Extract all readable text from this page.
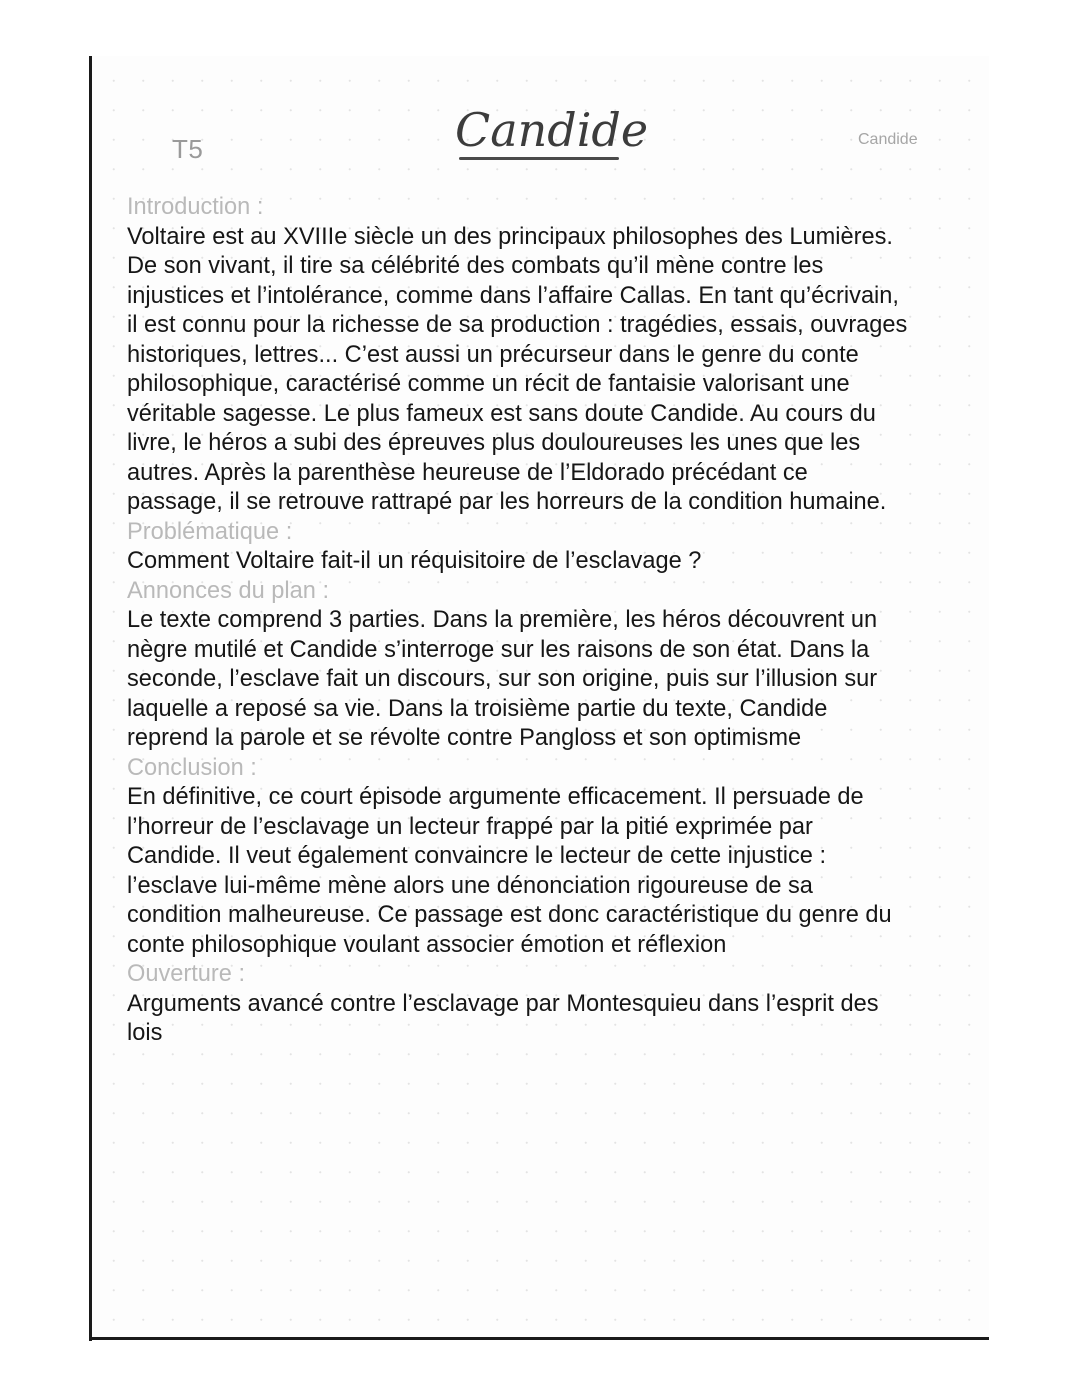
T5	Candide	Candide
Introduction :
Voltaire est au XVIIIe siècle un des principaux philosophes des Lumières.
De son vivant, il tire sa célébrité des combats qu’il mène contre les
injustices et l’intolérance, comme dans l’affaire Callas. En tant qu’écrivain,
il est connu pour la richesse de sa production : tragédies, essais, ouvrages
historiques, lettres... C’est aussi un précurseur dans le genre du conte
philosophique, caractérisé comme un récit de fantaisie valorisant une
véritable sagesse. Le plus fameux est sans doute Candide. Au cours du
livre, le héros a subi des épreuves plus douloureuses les unes que les
autres. Après la parenthèse heureuse de l’Eldorado précédant ce
passage, il se retrouve rattrapé par les horreurs de la condition humaine.
Problématique :
Comment Voltaire fait-il un réquisitoire de l’esclavage ?
Annonces du plan :
Le texte comprend 3 parties. Dans la première, les héros découvrent un
nègre mutilé et Candide s’interroge sur les raisons de son état. Dans la
seconde, l’esclave fait un discours, sur son origine, puis sur l’illusion sur
laquelle a reposé sa vie. Dans la troisième partie du texte, Candide
reprend la parole et se révolte contre Pangloss et son optimisme
Conclusion :
En définitive, ce court épisode argumente efficacement. Il persuade de
l’horreur de l’esclavage un lecteur frappé par la pitié exprimée par
Candide. Il veut également convaincre le lecteur de cette injustice :
l’esclave lui-même mène alors une dénonciation rigoureuse de sa
condition malheureuse. Ce passage est donc caractéristique du genre du
conte philosophique voulant associer émotion et réflexion
Ouverture :
Arguments avancé contre l’esclavage par Montesquieu dans l’esprit des
lois
